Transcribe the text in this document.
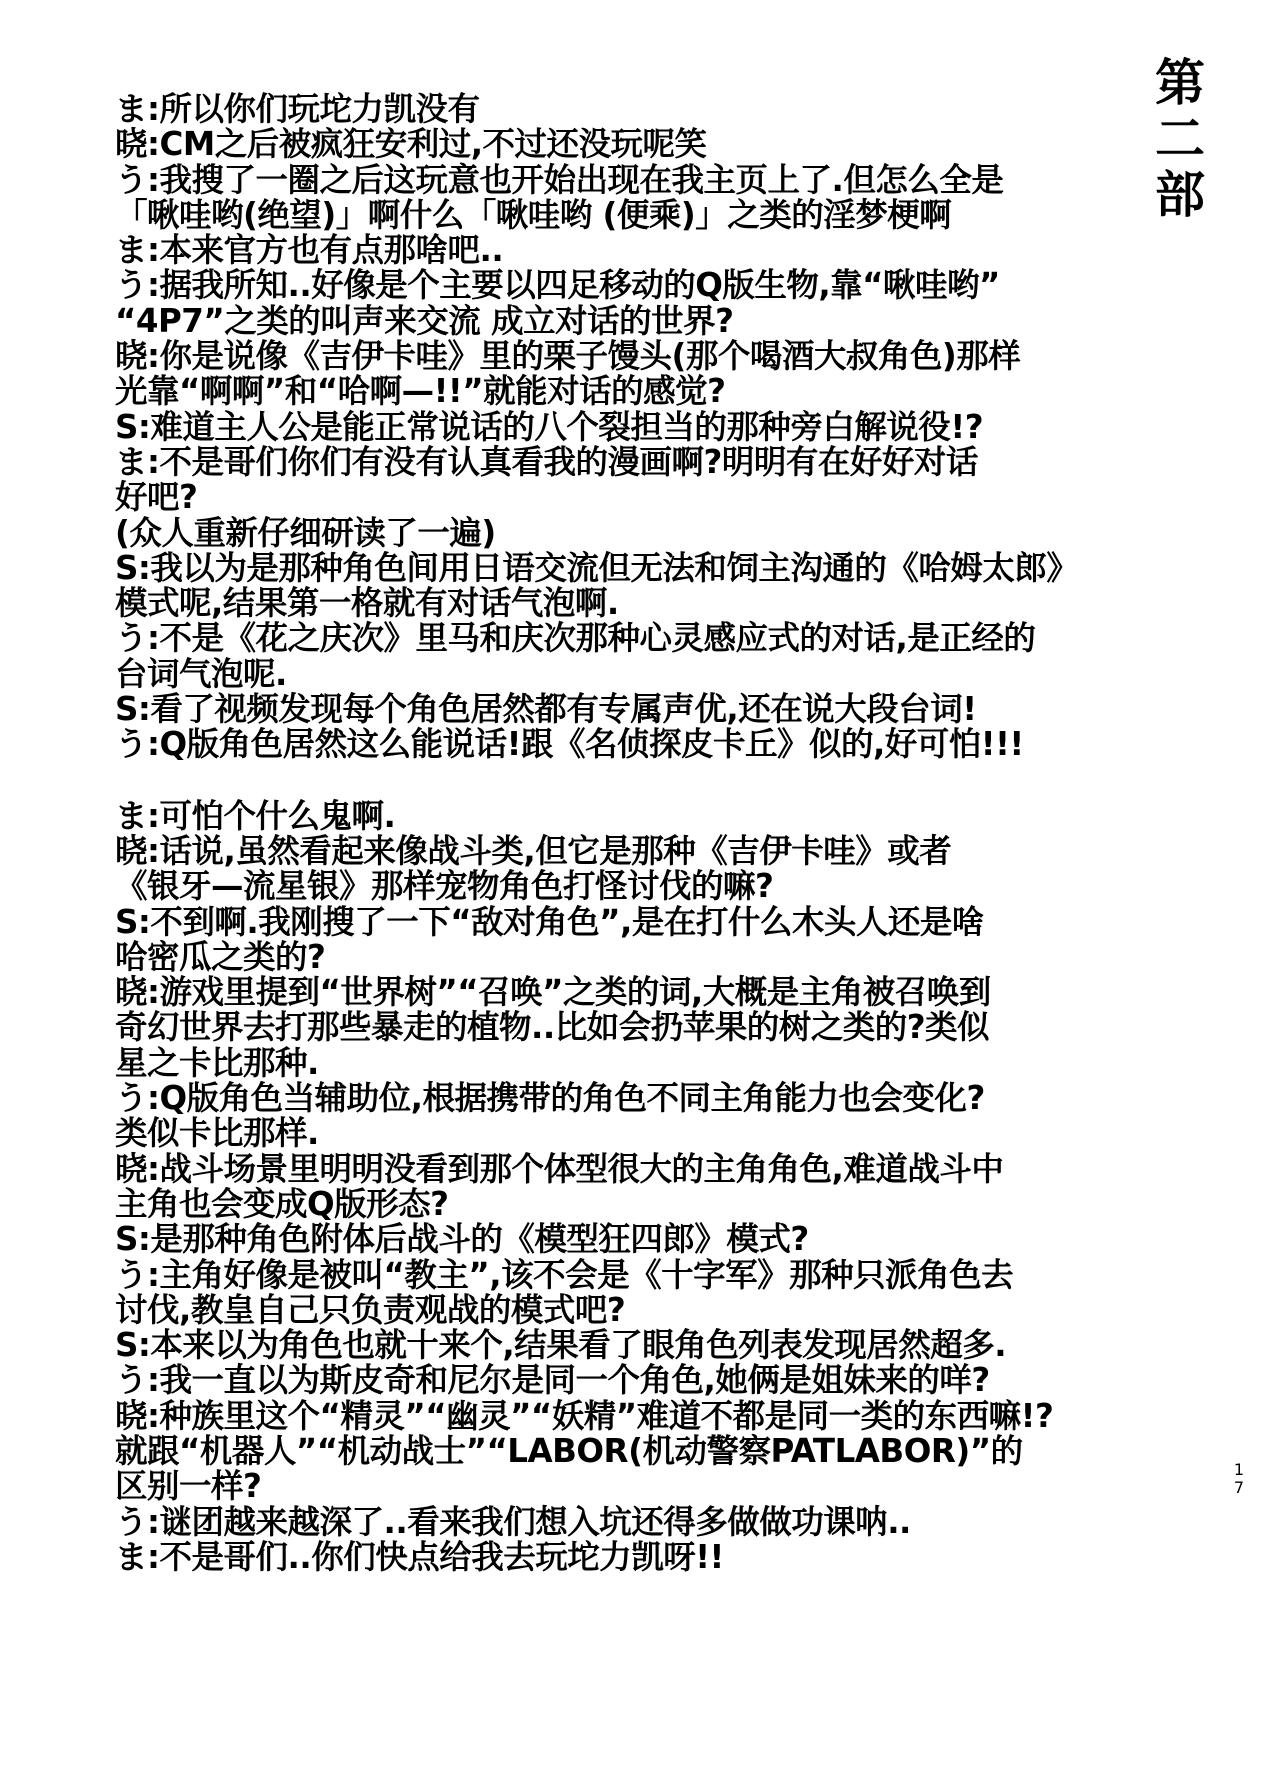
第
二
部
ま:所以你们玩坨力凯没有
晓:CM之后被疯狂安利过,不过还没玩呢笑
う:我搜了一圈之后这玩意也开始出现在我主页上了.但怎么全是
「啾哇哟(绝望)」啊什么「啾哇哟 (便乘)」之类的淫梦梗啊
ま:本来官方也有点那啥吧..
う:据我所知..好像是个主要以四足移动的Q版生物,靠“啾哇哟”
“4P7”之类的叫声来交流 成立对话的世界?
晓:你是说像《吉伊卡哇》里的栗子馒头(那个喝酒大叔角色)那样
光靠“啊啊”和“哈啊—!!”就能对话的感觉?
S:难道主人公是能正常说话的八个裂担当的那种旁白解说役!?
ま:不是哥们你们有没有认真看我的漫画啊?明明有在好好对话
好吧?
(众人重新仔细研读了一遍)
S:我以为是那种角色间用日语交流但无法和饲主沟通的《哈姆太郎》
模式呢,结果第一格就有对话气泡啊.
う:不是《花之庆次》里马和庆次那种心灵感应式的对话,是正经的
台词气泡呢.
S:看了视频发现每个角色居然都有专属声优,还在说大段台词!
う:Q版角色居然这么能说话!跟《名侦探皮卡丘》似的,好可怕!!!
ま:可怕个什么鬼啊.
晓:话说,虽然看起来像战斗类,但它是那种《吉伊卡哇》或者
《银牙—流星银》那样宠物角色打怪讨伐的嘛?
S:不到啊.我刚搜了一下“敌对角色”,是在打什么木头人还是啥
哈密瓜之类的?
晓:游戏里提到“世界树”“召唤”之类的词,大概是主角被召唤到
奇幻世界去打那些暴走的植物..比如会扔苹果的树之类的?类似
星之卡比那种.
う:Q版角色当辅助位,根据携带的角色不同主角能力也会变化?
类似卡比那样.
晓:战斗场景里明明没看到那个体型很大的主角角色,难道战斗中
主角也会变成Q版形态?
S:是那种角色附体后战斗的《模型狂四郎》模式?
う:主角好像是被叫“教主”,该不会是《十字军》那种只派角色去
讨伐,教皇自己只负责观战的模式吧?
S:本来以为角色也就十来个,结果看了眼角色列表发现居然超多.
う:我一直以为斯皮奇和尼尔是同一个角色,她俩是姐妹来的咩?
晓:种族里这个“精灵”“幽灵”“妖精”难道不都是同一类的东西嘛!?
就跟“机器人”“机动战士”“LABOR(机动警察PATLABOR)”的
区别一样?
う:谜团越来越深了..看来我们想入坑还得多做做功课呐..
ま:不是哥们..你们快点给我去玩坨力凯呀!!
1
7
